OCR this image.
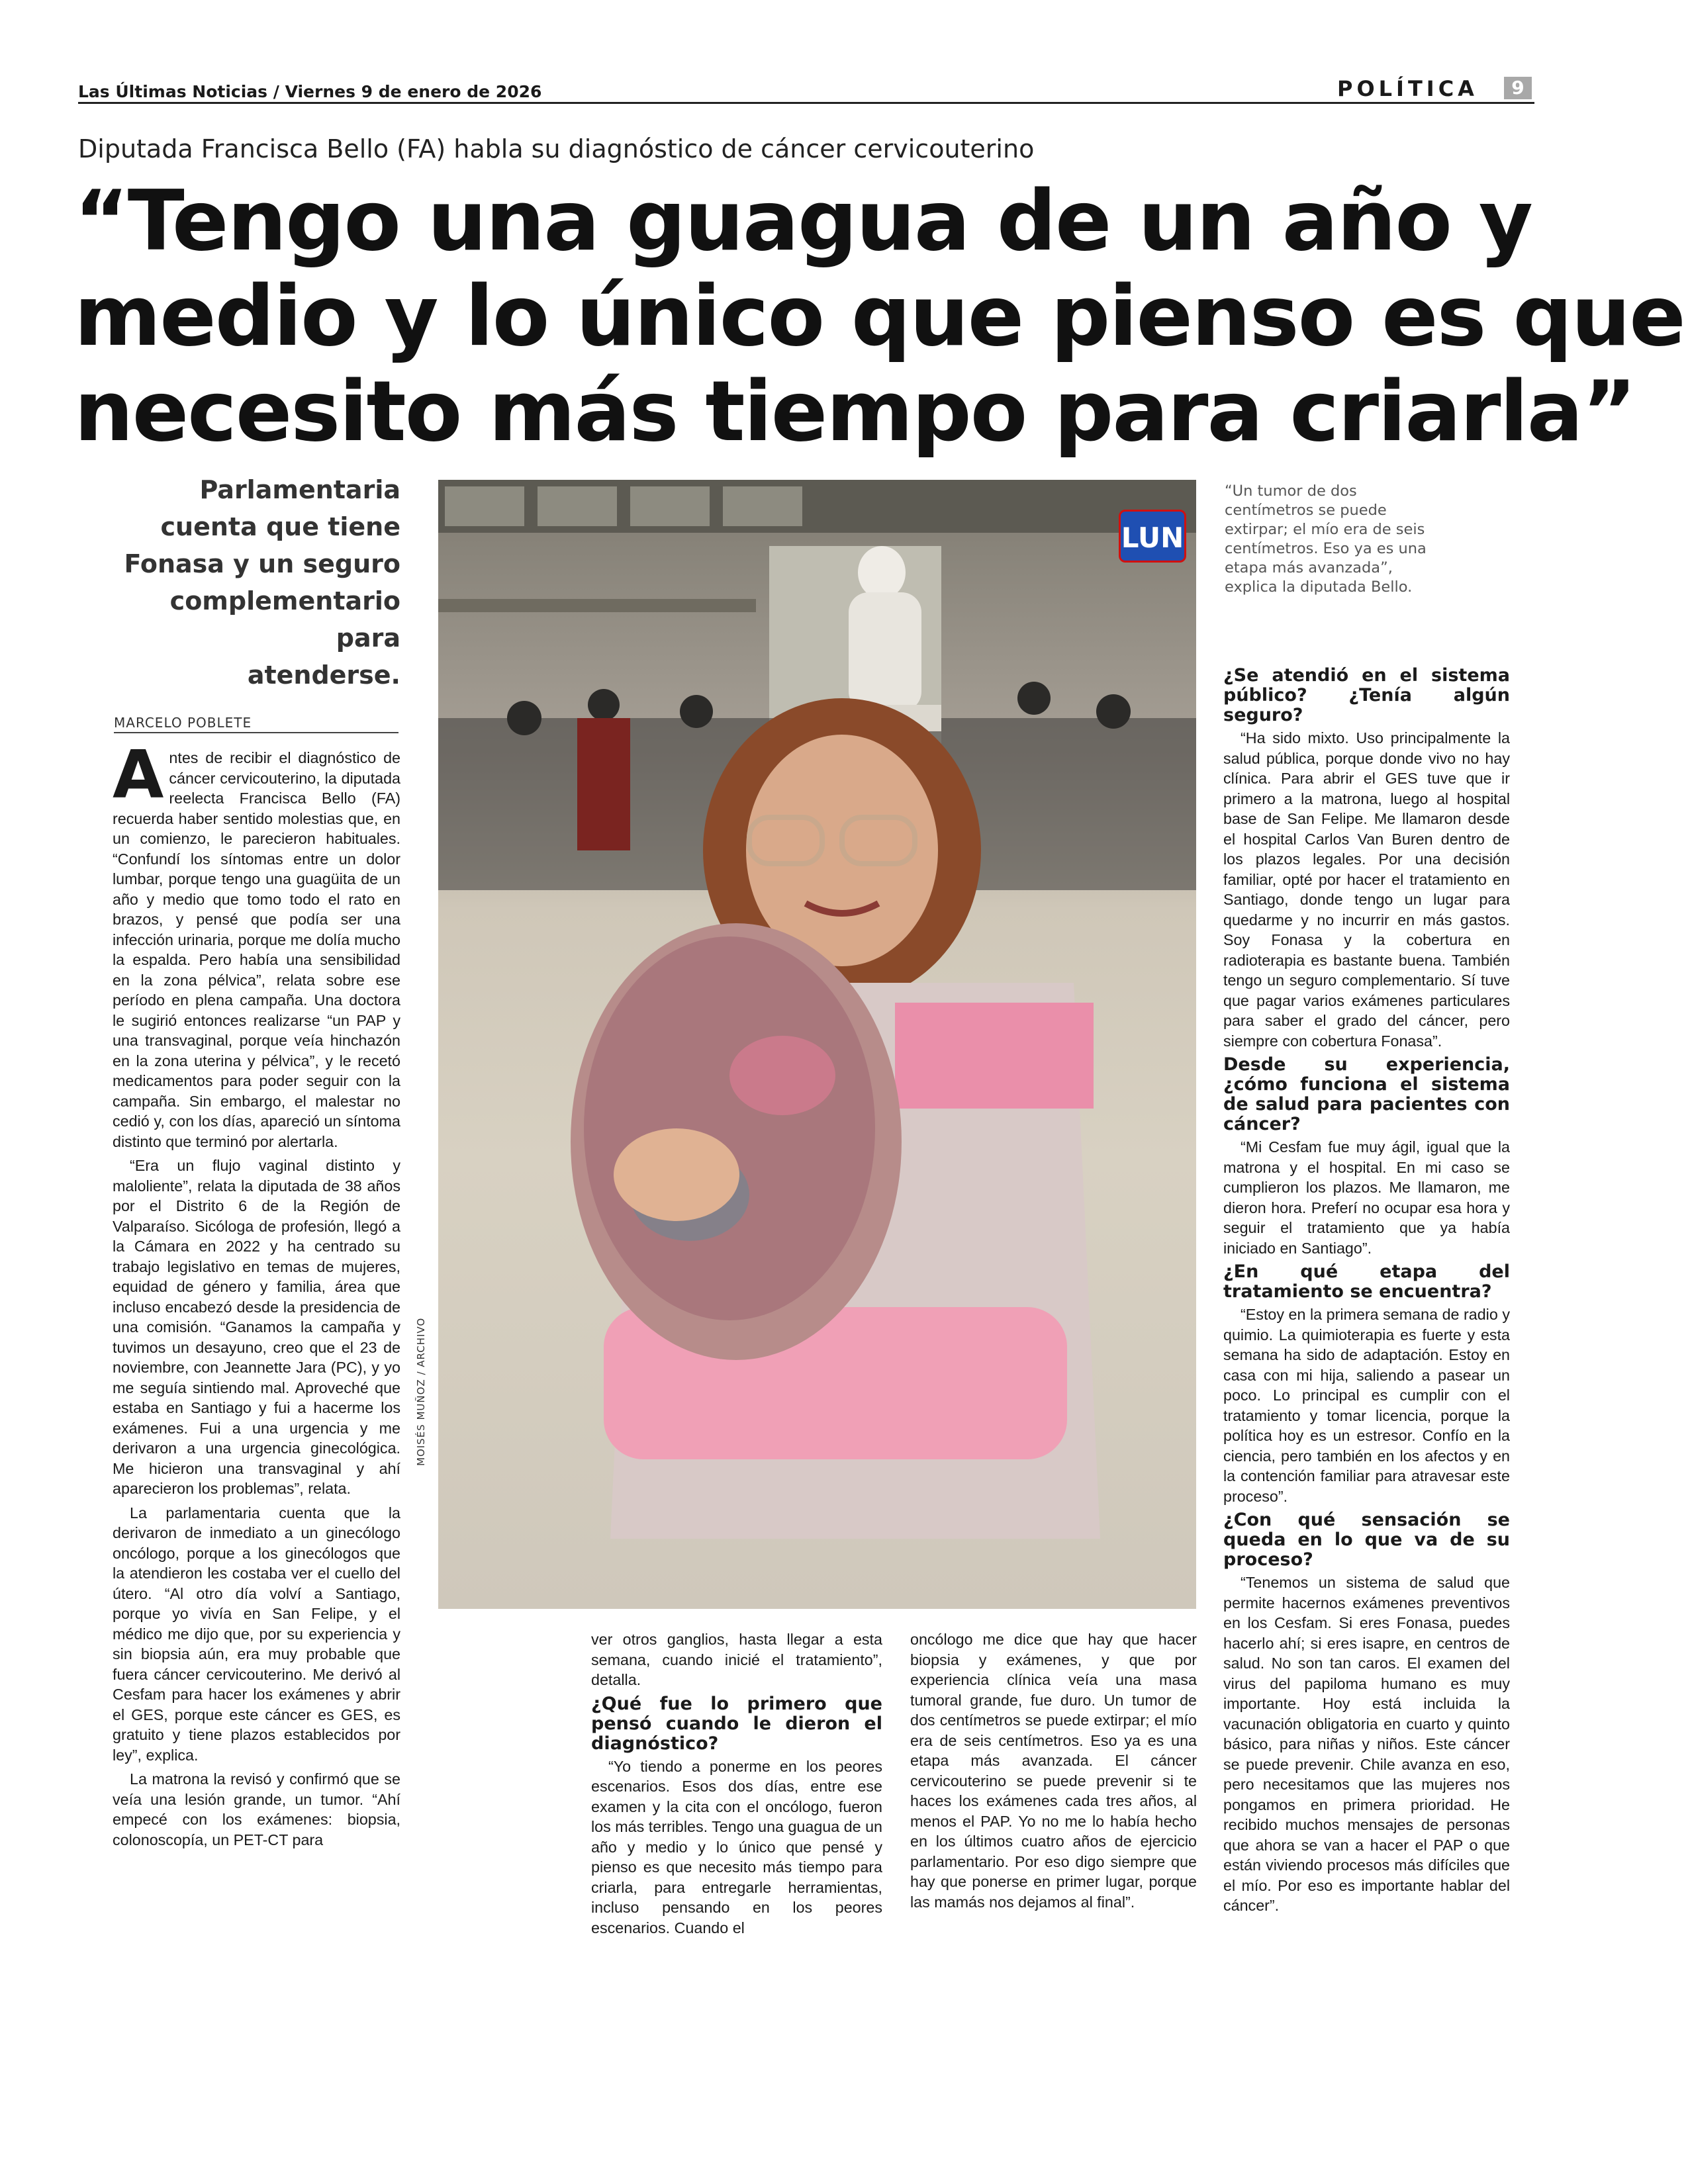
Las Últimas Noticias / Viernes 9 de enero de 2026	POLÍTICA	9
Diputada Francisca Bello (FA) habla su diagnóstico de cáncer cervicouterino

“Tengo una guagua de un año y

medio y lo único que pienso es que

necesito más tiempo para criarla”

Parlamentaria
cuenta que tiene
Fonasa y un seguro
complementario para
atenderse.
MARCELO POBLETE

Antes de recibir el diagnóstico de cáncer cervicouterino, la diputada reelecta Francisca Bello (FA) recuerda haber sentido molestias que, en un comienzo, le parecieron habituales. “Confundí los síntomas entre un dolor lumbar, porque tengo una guagüita de un año y medio que tomo todo el rato en brazos, y pensé que podía ser una infección urinaria, porque me dolía mucho la espalda. Pero había una sensibilidad en la zona pélvica”, relata sobre ese período en plena campaña. Una doctora le sugirió entonces realizarse “un PAP y una transvaginal, porque veía hinchazón en la zona uterina y pélvica”, y le recetó medicamentos para poder seguir con la campaña. Sin embargo, el malestar no cedió y, con los días, apareció un síntoma distinto que terminó por alertarla.

“Era un flujo vaginal distinto y maloliente”, relata la diputada de 38 años por el Distrito 6 de la Región de Valparaíso. Sicóloga de profesión, llegó a la Cámara en 2022 y ha centrado su trabajo legislativo en temas de mujeres, equidad de género y familia, área que incluso encabezó desde la presidencia de una comisión. “Ganamos la campaña y tuvimos un desayuno, creo que el 23 de noviembre, con Jeannette Jara (PC), y yo me seguía sintiendo mal. Aproveché que estaba en Santiago y fui a hacerme los exámenes. Fui a una urgencia y me derivaron a una urgencia ginecológica. Me hicieron una transvaginal y ahí aparecieron los problemas”, relata.

La parlamentaria cuenta que la derivaron de inmediato a un ginecólogo oncólogo, porque a los ginecólogos que la atendieron les costaba ver el cuello del útero. “Al otro día volví a Santiago, porque yo vivía en San Felipe, y el médico me dijo que, por su experiencia y sin biopsia aún, era muy probable que fuera cáncer cervicouterino. Me derivó al Cesfam para hacer los exámenes y abrir el GES, porque este cáncer es GES, es gratuito y tiene plazos establecidos por ley”, explica.

La matrona la revisó y confirmó que se veía una lesión grande, un tumor. “Ahí empecé con los exámenes: biopsia, colonoscopía, un PET-CT para

LUN
MOISÉS MUÑOZ / ARCHIVO
“Un tumor de dos centímetros se puede extirpar; el mío era de seis centímetros. Eso ya es una etapa más avanzada”, explica la diputada Bello.

ver otros ganglios, hasta llegar a esta semana, cuando inicié el tratamiento”, detalla.

¿Qué fue lo primero que pensó cuando le dieron el diagnóstico?

“Yo tiendo a ponerme en los peores escenarios. Esos dos días, entre ese examen y la cita con el oncólogo, fueron los más terribles. Tengo una guagua de un año y medio y lo único que pensé y pienso es que necesito más tiempo para criarla, para entregarle herramientas, incluso pensando en los peores escenarios. Cuando el

oncólogo me dice que hay que hacer biopsia y exámenes, y que por experiencia clínica veía una masa tumoral grande, fue duro. Un tumor de dos centímetros se puede extirpar; el mío era de seis centímetros. Eso ya es una etapa más avanzada. El cáncer cervicouterino se puede prevenir si te haces los exámenes cada tres años, al menos el PAP. Yo no me lo había hecho en los últimos cuatro años de ejercicio parlamentario. Por eso digo siempre que hay que ponerse en primer lugar, porque las mamás nos dejamos al final”.

¿Se atendió en el sistema público? ¿Tenía algún seguro?

“Ha sido mixto. Uso principalmente la salud pública, porque donde vivo no hay clínica. Para abrir el GES tuve que ir primero a la matrona, luego al hospital base de San Felipe. Me llamaron desde el hospital Carlos Van Buren dentro de los plazos legales. Por una decisión familiar, opté por hacer el tratamiento en Santiago, donde tengo un lugar para quedarme y no incurrir en más gastos. Soy Fonasa y la cobertura en radioterapia es bastante buena. También tengo un seguro complementario. Sí tuve que pagar varios exámenes particulares para saber el grado del cáncer, pero siempre con cobertura Fonasa”.

Desde su experiencia, ¿cómo funciona el sistema de salud para pacientes con cáncer?

“Mi Cesfam fue muy ágil, igual que la matrona y el hospital. En mi caso se cumplieron los plazos. Me llamaron, me dieron hora. Preferí no ocupar esa hora y seguir el tratamiento que ya había iniciado en Santiago”.

¿En qué etapa del tratamiento se encuentra?

“Estoy en la primera semana de radio y quimio. La quimioterapia es fuerte y esta semana ha sido de adaptación. Estoy en casa con mi hija, saliendo a pasear un poco. Lo principal es cumplir con el tratamiento y tomar licencia, porque la política hoy es un estresor. Confío en la ciencia, pero también en los afectos y en la contención familiar para atravesar este proceso”.

¿Con qué sensación se queda en lo que va de su proceso?

“Tenemos un sistema de salud que permite hacernos exámenes preventivos en los Cesfam. Si eres Fonasa, puedes hacerlo ahí; si eres isapre, en centros de salud. No son tan caros. El examen del virus del papiloma humano es muy importante. Hoy está incluida la vacunación obligatoria en cuarto y quinto básico, para niñas y niños. Este cáncer se puede prevenir. Chile avanza en eso, pero necesitamos que las mujeres nos pongamos en primera prioridad. He recibido muchos mensajes de personas que ahora se van a hacer el PAP o que están viviendo procesos más difíciles que el mío. Por eso es importante hablar del cáncer”.
